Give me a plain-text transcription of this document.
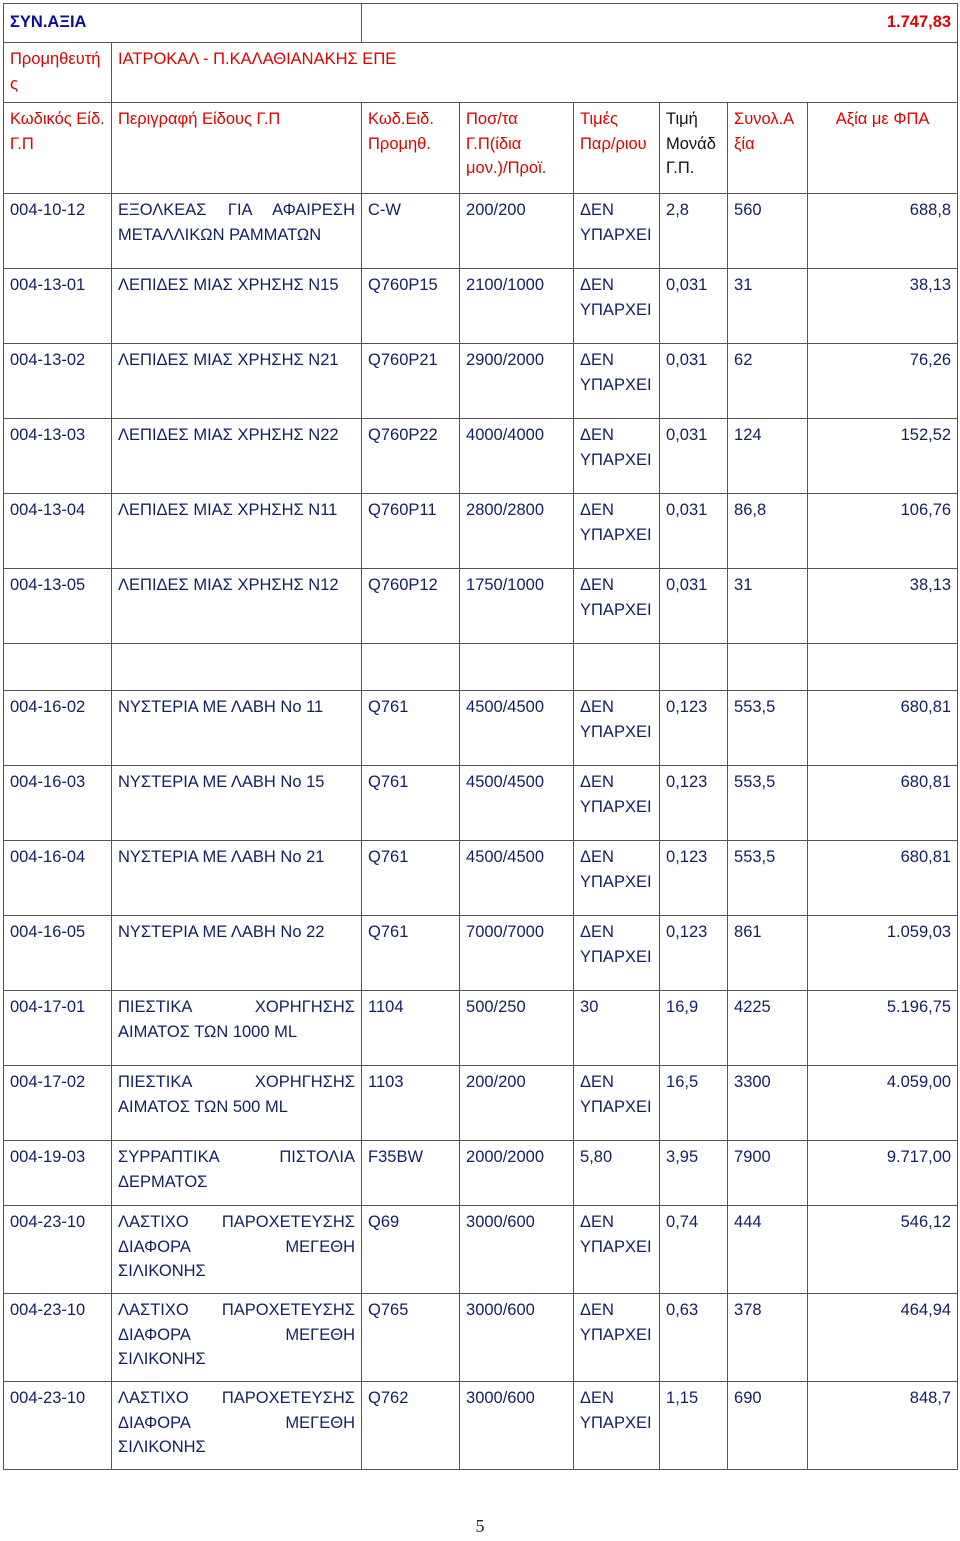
ΣΥΝ.ΑΞΙΑ		1.747,83					
Προμηθευτής	ΙΑΤΡΟΚΑΛ - Π.ΚΑΛΑΘΙΑΝΑΚΗΣ ΕΠΕ						
Κωδικός Είδ. Γ.Π	Περιγραφή Είδους Γ.Π	Κωδ.Ειδ. Προμηθ.	Ποσ/τα Γ.Π(ίδια μον.)/Προϊ.	Τιμές Παρ/ριου	Τιμή Μονάδ Γ.Π.	Συνολ.Αξία	Αξία με ΦΠΑ
004-10-12	ΕΞΟΛΚΕΑΣ ΓΙΑ ΑΦΑΙΡΕΣΗ ΜΕΤΑΛΛΙΚΩΝ ΡΑΜΜΑΤΩΝ	C-W	200/200	ΔΕΝ ΥΠΑΡΧΕΙ	2,8	560	688,8
004-13-01	ΛΕΠΙΔΕΣ ΜΙΑΣ ΧΡΗΣΗΣ Ν15	Q760P15	2100/1000	ΔΕΝ ΥΠΑΡΧΕΙ	0,031	31	38,13
004-13-02	ΛΕΠΙΔΕΣ ΜΙΑΣ ΧΡΗΣΗΣ Ν21	Q760P21	2900/2000	ΔΕΝ ΥΠΑΡΧΕΙ	0,031	62	76,26
004-13-03	ΛΕΠΙΔΕΣ ΜΙΑΣ ΧΡΗΣΗΣ Ν22	Q760P22	4000/4000	ΔΕΝ ΥΠΑΡΧΕΙ	0,031	124	152,52
004-13-04	ΛΕΠΙΔΕΣ ΜΙΑΣ ΧΡΗΣΗΣ Ν11	Q760P11	2800/2800	ΔΕΝ ΥΠΑΡΧΕΙ	0,031	86,8	106,76
004-13-05	ΛΕΠΙΔΕΣ ΜΙΑΣ ΧΡΗΣΗΣ Ν12	Q760P12	1750/1000	ΔΕΝ ΥΠΑΡΧΕΙ	0,031	31	38,13

004-16-02	ΝΥΣΤΕΡΙΑ ΜΕ ΛΑΒΗ Νο 11	Q761	4500/4500	ΔΕΝ ΥΠΑΡΧΕΙ	0,123	553,5	680,81
004-16-03	ΝΥΣΤΕΡΙΑ ΜΕ ΛΑΒΗ Νο 15	Q761	4500/4500	ΔΕΝ ΥΠΑΡΧΕΙ	0,123	553,5	680,81
004-16-04	ΝΥΣΤΕΡΙΑ ΜΕ ΛΑΒΗ Νο 21	Q761	4500/4500	ΔΕΝ ΥΠΑΡΧΕΙ	0,123	553,5	680,81
004-16-05	ΝΥΣΤΕΡΙΑ ΜΕ ΛΑΒΗ Νο 22	Q761	7000/7000	ΔΕΝ ΥΠΑΡΧΕΙ	0,123	861	1.059,03
004-17-01	ΠΙΕΣΤΙΚΑ ΧΟΡΗΓΗΣΗΣ ΑΙΜΑΤΟΣ ΤΩΝ 1000 ML	1104	500/250	30	16,9	4225	5.196,75
004-17-02	ΠΙΕΣΤΙΚΑ ΧΟΡΗΓΗΣΗΣ ΑΙΜΑΤΟΣ ΤΩΝ 500 ML	1103	200/200	ΔΕΝ ΥΠΑΡΧΕΙ	16,5	3300	4.059,00
004-19-03	ΣΥΡΡΑΠΤΙΚΑ ΠΙΣΤΟΛΙΑ ΔΕΡΜΑΤΟΣ	F35BW	2000/2000	5,80	3,95	7900	9.717,00
004-23-10	ΛΑΣΤΙΧΟ ΠΑΡΟΧΕΤΕΥΣΗΣ ΔΙΑΦΟΡΑ ΜΕΓΕΘΗ ΣΙΛΙΚΟΝΗΣ	Q69	3000/600	ΔΕΝ ΥΠΑΡΧΕΙ	0,74	444	546,12
004-23-10	ΛΑΣΤΙΧΟ ΠΑΡΟΧΕΤΕΥΣΗΣ ΔΙΑΦΟΡΑ ΜΕΓΕΘΗ ΣΙΛΙΚΟΝΗΣ	Q765	3000/600	ΔΕΝ ΥΠΑΡΧΕΙ	0,63	378	464,94
004-23-10	ΛΑΣΤΙΧΟ ΠΑΡΟΧΕΤΕΥΣΗΣ ΔΙΑΦΟΡΑ ΜΕΓΕΘΗ ΣΙΛΙΚΟΝΗΣ	Q762	3000/600	ΔΕΝ ΥΠΑΡΧΕΙ	1,15	690	848,7
5
